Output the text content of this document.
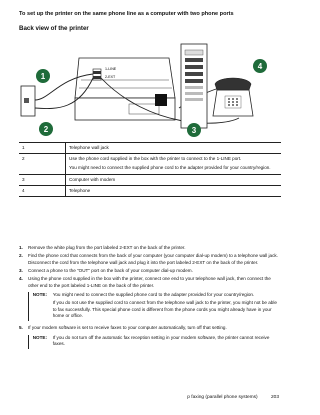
To set up the printer on the same phone line as a computer with two phone ports
Back view of the printer
1-LINE
2-EXT
1
2	3
4
1	Telephone wall jack
2	Use the phone cord supplied in the box with the printer to connect to the 1-LINE port.
You might need to connect the supplied phone cord to the adapter provided for your country/region.

3	Computer with modem
4	Telephone
1.	Remove the white plug from the port labeled 2-EXT on the back of the printer.
2.	Find the phone cord that connects from the back of your computer (your computer dial-up modem) to a telephone wall jack. Disconnect the cord from the telephone wall jack and plug it into the port labeled 2-EXT on the back of the printer.
3.	Connect a phone to the "OUT" port on the back of your computer dial-up modem.
4.	Using the phone cord supplied in the box with the printer, connect one end to your telephone wall jack, then connect the other end to the port labeled 1-LINE on the back of the printer.
NOTE:	You might need to connect the supplied phone cord to the adapter provided for your country/region.

If you do not use the supplied cord to connect from the telephone wall jack to the printer, you might not be able to fax successfully. This special phone cord is different from the phone cords you might already have in your home or office.

5.	If your modem software is set to receive faxes to your computer automatically, turn off that setting.
NOTE:	If you do not turn off the automatic fax reception setting in your modem software, the printer cannot receive faxes.

p faxing (parallel phone systems)	203
